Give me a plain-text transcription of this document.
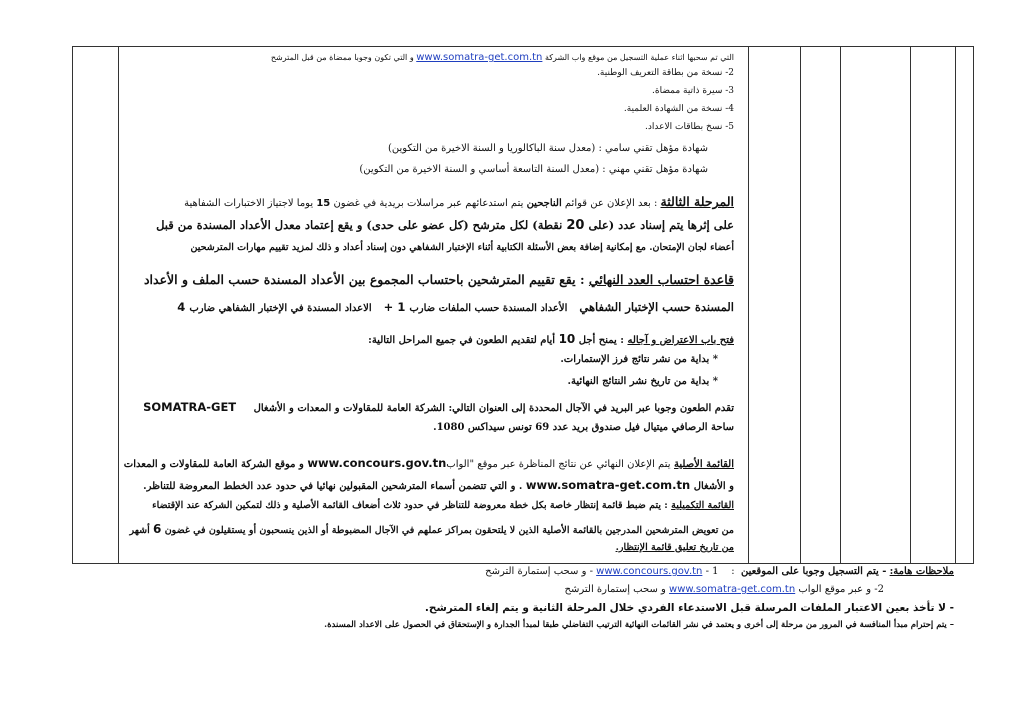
التي تم سحبها اثناء عملية التسجيل من موقع واب الشركة www.somatra-get.com.tn و التي تكون وجوبا ممضاة من قبل المترشح
2- نسخة من بطاقة التعريف الوطنية.
3- سيرة ذاتية ممضاة.
4- نسخة من الشهادة العلمية.
5- نسخ بطاقات الاعداد.
شهادة مؤهل تقني سامي : (معدل سنة الباكالوريا و السنة الاخيرة من التكوين)
شهادة مؤهل تقني مهني : (معدل السنة التاسعة أساسي و السنة الاخيرة من التكوين)
المرحلة الثالثة : بعد الإعلان عن قوائم الناجحين يتم استدعائهم عبر مراسلات بريدية في غضون 15 يوما لاجتياز الاختبارات الشفاهية
على إثرها يتم إسناد عدد (على 20 نقطة) لكل مترشح (كل عضو على حدى) و يقع إعتماد معدل الأعداد المسندة من قبل
أعضاء لجان الإمتحان. مع إمكانية إضافة بعض الأسئلة الكتابية أثناء الإختبار الشفاهي دون إسناد أعداد و ذلك لمزيد تقييم مهارات المترشحين
قاعدة احتساب العدد النهائي : يقع تقييم المترشحين باحتساب المجموع بين الأعداد المسندة حسب الملف و الأعداد
المسندة حسب الإختبار الشفاهي   الأعداد المسندة حسب الملفات ضارب 1 +   الاعداد المسندة في الإختبار الشفاهي ضارب 4
فتح باب الاعتراض و آجاله : يمنح أجل 10 أيام لتقديم الطعون في جميع المراحل التالية:
* بداية من نشر نتائج فرز الإستمارات.
* بداية من تاريخ نشر النتائج النهائية.
تقدم الطعون وجوبا عبر البريد في الآجال المحددة إلى العنوان التالي: الشركة العامة للمقاولات و المعدات و الأشغال     SOMATRA-GET
ساحة الرصافي ميتيال فيل صندوق بريد عدد 69 تونس سيداكس 1080.
القائمة الأصلية يتم الإعلان النهائي عن نتائج المناظرة عبر موقع "الوابwww.concours.gov.tn و موقع الشركة العامة للمقاولات و المعدات
و الأشغال www.somatra-get.com.tn . و التي تتضمن أسماء المترشحين المقبولين نهائيا في حدود عدد الخطط المعروضة للتناظر.
القائمة التكميلية : يتم ضبط قائمة إنتظار خاصة بكل خطة معروضة للتناظر في حدود ثلاث أضعاف القائمة الأصلية و ذلك لتمكين الشركة عند الإقتضاء
من تعويض المترشحين المدرجين بالقائمة الأصلية الذين لا يلتحقون بمراكز عملهم في الآجال المضبوطة أو الذين ينسحبون أو يستقيلون في غضون 6 أشهر
من تاريخ تعليق قائمة الإنتظار.
ملاحظات هامة: - يتم التسجيل وجوبا على الموقعين  :    1 - www.concours.gov.tn - و سحب إستمارة الترشح
2- و عبر موقع الواب www.somatra-get.com.tn و سحب إستمارة الترشح
- لا تأخذ بعين الاعتبار الملفات المرسلة قبل الاستدعاء الفردي خلال المرحلة الثانية و يتم إلغاء المترشح.
– يتم إحترام مبدأ المنافسة في المرور من مرحلة إلى أخرى و يعتمد في نشر القائمات النهائية الترتيب التفاضلي طبقا لمبدأ الجدارة و الإستحقاق في الحصول على الاعداد المسندة.
